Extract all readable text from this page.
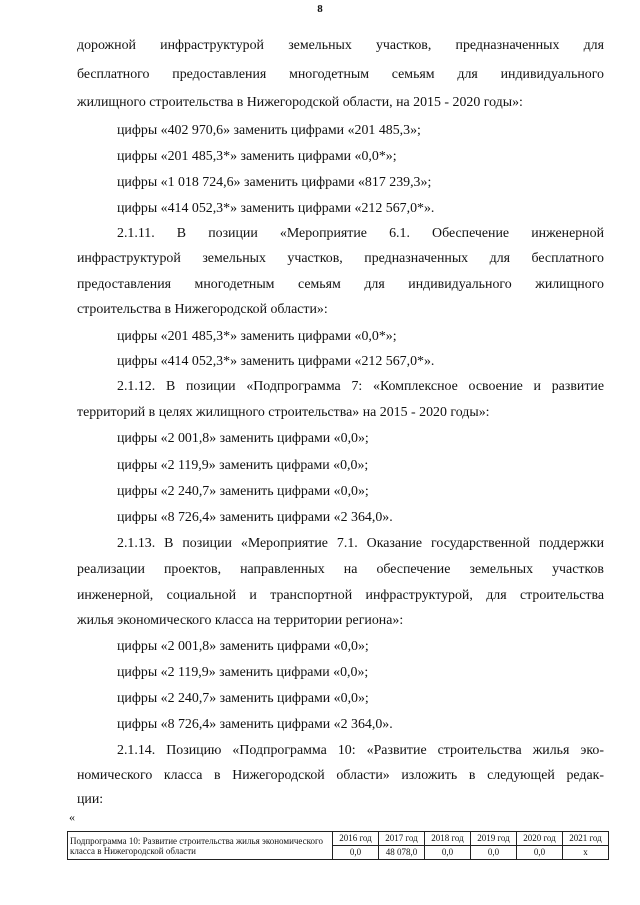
8
дорожной инфраструктурой земельных участков, предназначенных для
бесплатного предоставления многодетным семьям для индивидуального
жилищного строительства в Нижегородской области, на 2015 - 2020 годы»:
цифры «402 970,6» заменить цифрами «201 485,3»;
цифры «201 485,3*» заменить цифрами «0,0*»;
цифры «1 018 724,6» заменить цифрами «817 239,3»;
цифры «414 052,3*» заменить цифрами «212 567,0*».
2.1.11. В позиции «Мероприятие 6.1. Обеспечение инженерной
инфраструктурой земельных участков, предназначенных для бесплатного
предоставления многодетным семьям для индивидуального жилищного
строительства в Нижегородской области»:
цифры «201 485,3*» заменить цифрами «0,0*»;
цифры «414 052,3*» заменить цифрами «212 567,0*».
2.1.12. В позиции «Подпрограмма 7: «Комплексное освоение и развитие
территорий в целях жилищного строительства» на 2015 - 2020 годы»:
цифры «2 001,8» заменить цифрами «0,0»;
цифры «2 119,9» заменить цифрами «0,0»;
цифры «2 240,7» заменить цифрами «0,0»;
цифры «8 726,4» заменить цифрами «2 364,0».
2.1.13. В позиции «Мероприятие 7.1. Оказание государственной поддержки
реализации проектов, направленных на обеспечение земельных участков
инженерной, социальной и транспортной инфраструктурой, для строительства
жилья экономического класса на территории региона»:
цифры «2 001,8» заменить цифрами «0,0»;
цифры «2 119,9» заменить цифрами «0,0»;
цифры «2 240,7» заменить цифрами «0,0»;
цифры «8 726,4» заменить цифрами «2 364,0».
2.1.14. Позицию «Подпрограмма 10: «Развитие строительства жилья эко-
номического класса в Нижегородской области» изложить в следующей редак-
ции:
«
Подпрограмма 10: Развитие строительства жилья экономического класса в Нижегородской области	2016 год	2017 год	2018 год	2019 год	2020 год	2021 год
	0,0	48 078,0	0,0	0,0	0,0	х
